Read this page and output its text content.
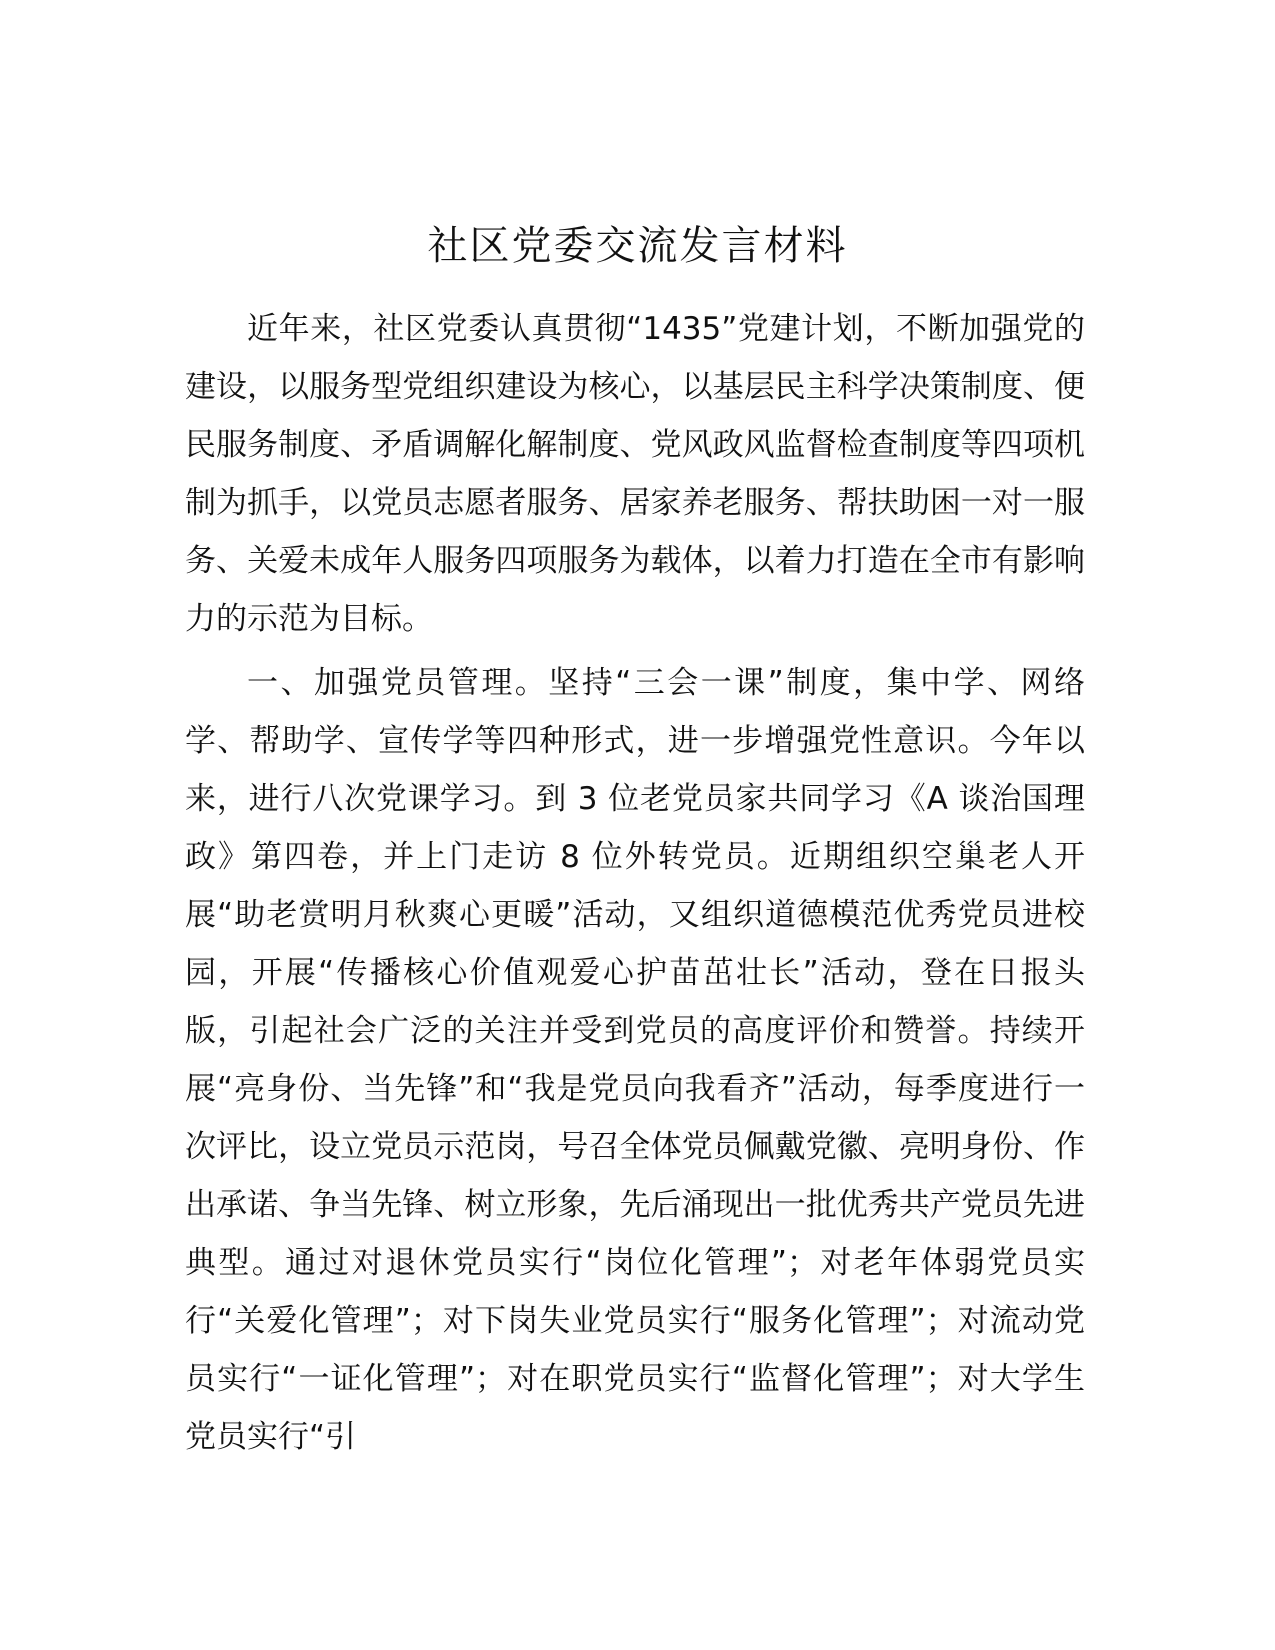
社区党委交流发言材料

近年来，社区党委认真贯彻“1435”党建计划，不断加强党的建设，以服务型党组织建设为核心，以基层民主科学决策制度、便民服务制度、矛盾调解化解制度、党风政风监督检查制度等四项机制为抓手，以党员志愿者服务、居家养老服务、帮扶助困一对一服务、关爱未成年人服务四项服务为载体，以着力打造在全市有影响力的示范为目标。

一、加强党员管理。坚持“三会一课”制度，集中学、网络学、帮助学、宣传学等四种形式，进一步增强党性意识。今年以来，进行八次党课学习。到 3 位老党员家共同学习《A 谈治国理政》第四卷，并上门走访 8 位外转党员。近期组织空巢老人开展“助老赏明月秋爽心更暖”活动，又组织道德模范优秀党员进校园，开展“传播核心价值观爱心护苗茁壮长”活动，登在日报头版，引起社会广泛的关注并受到党员的高度评价和赞誉。持续开展“亮身份、当先锋”和“我是党员向我看齐”活动，每季度进行一次评比，设立党员示范岗，号召全体党员佩戴党徽、亮明身份、作出承诺、争当先锋、树立形象，先后涌现出一批优秀共产党员先进典型。通过对退休党员实行“岗位化管理”；对老年体弱党员实行“关爱化管理”；对下岗失业党员实行“服务化管理”；对流动党员实行“一证化管理”；对在职党员实行“监督化管理”；对大学生党员实行“引
